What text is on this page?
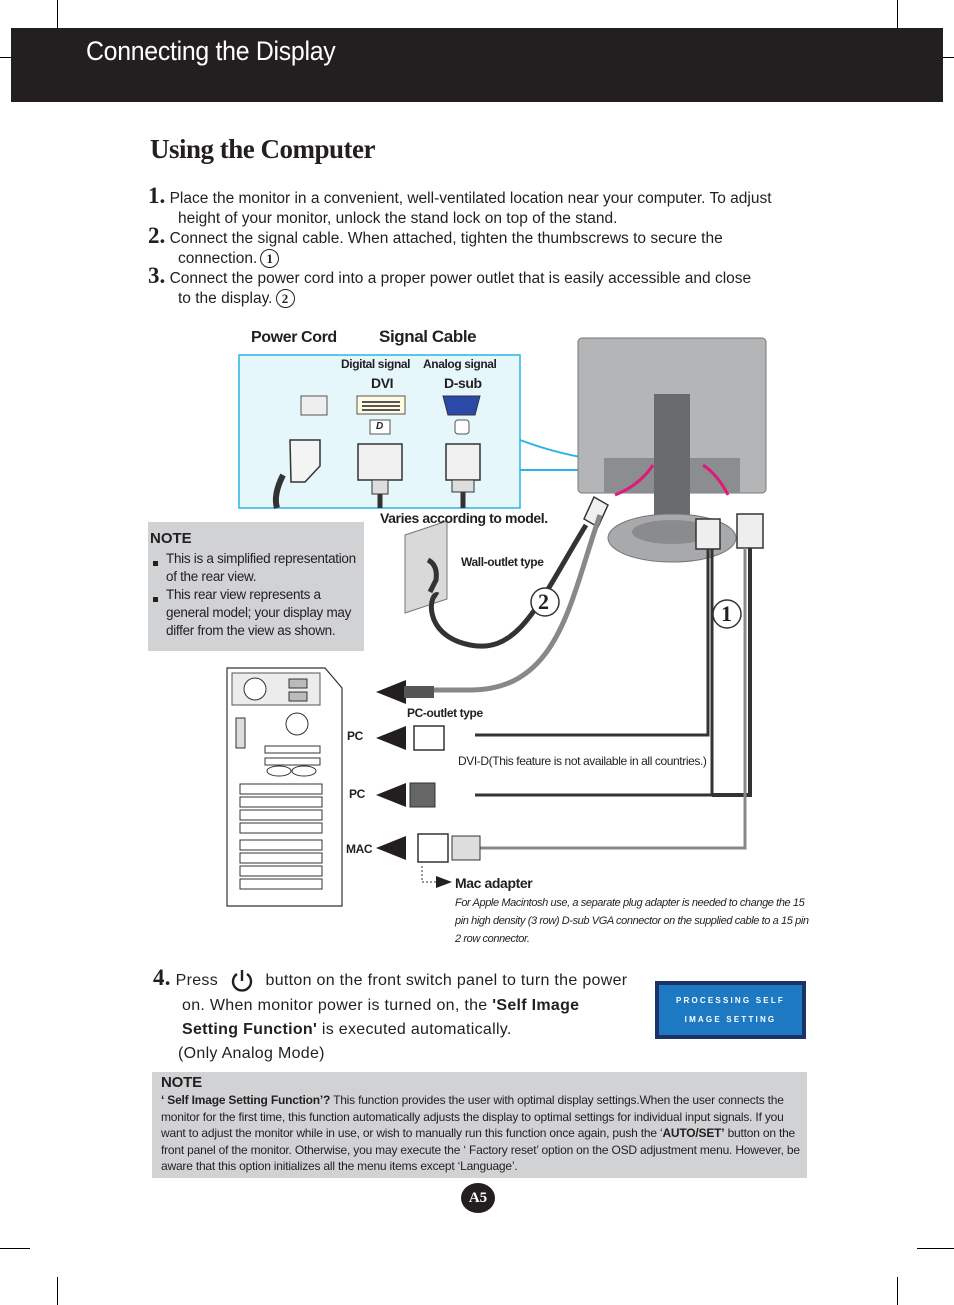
Connecting the Display
Using the Computer
1. Place the monitor in a convenient, well-ventilated location near your computer. To adjust
height of your monitor, unlock the stand lock on top of the stand.
2. Connect the signal cable. When attached, tighten the thumbscrews to secure the
connection. 1
3. Connect the power cord into a proper power outlet that is easily accessible and close
to the display. 2
Power Cord Signal Cable
Digital signal Analog signal
DVI	D-sub
D
Varies according to model.
Wall-outlet type
PC-outlet type
PC
PC
MAC
DVI-D(This feature is not available in all countries.)
Mac adapter
For Apple Macintosh use, a separate plug adapter is needed to change the 15 pin high density (3 row) D-sub VGA connector on the supplied cable to a 15 pin 2 row connector.
2	1
NOTE
This is a simplified representation of the rear view.
This rear view represents a general model; your display may differ from the view as shown.
4. Press	button on the front switch panel to turn the power
on. When monitor power is turned on, the 'Self Image
Setting Function' is executed automatically.
(Only Analog Mode)
PROCESSING SELF
IMAGE SETTING
NOTE
‘ Self Image Setting Function’? This function provides the user with optimal display settings.When the user connects the monitor for the first time, this function automatically adjusts the display to optimal settings for individual input signals. If you want to adjust the monitor while in use, or wish to manually run this function once again, push the ‘AUTO/SET’ button on the front panel of the monitor. Otherwise, you may execute the ‘ Factory reset’ option on the OSD adjustment menu. However, be aware that this option initializes all the menu items except ‘Language’.
A5
